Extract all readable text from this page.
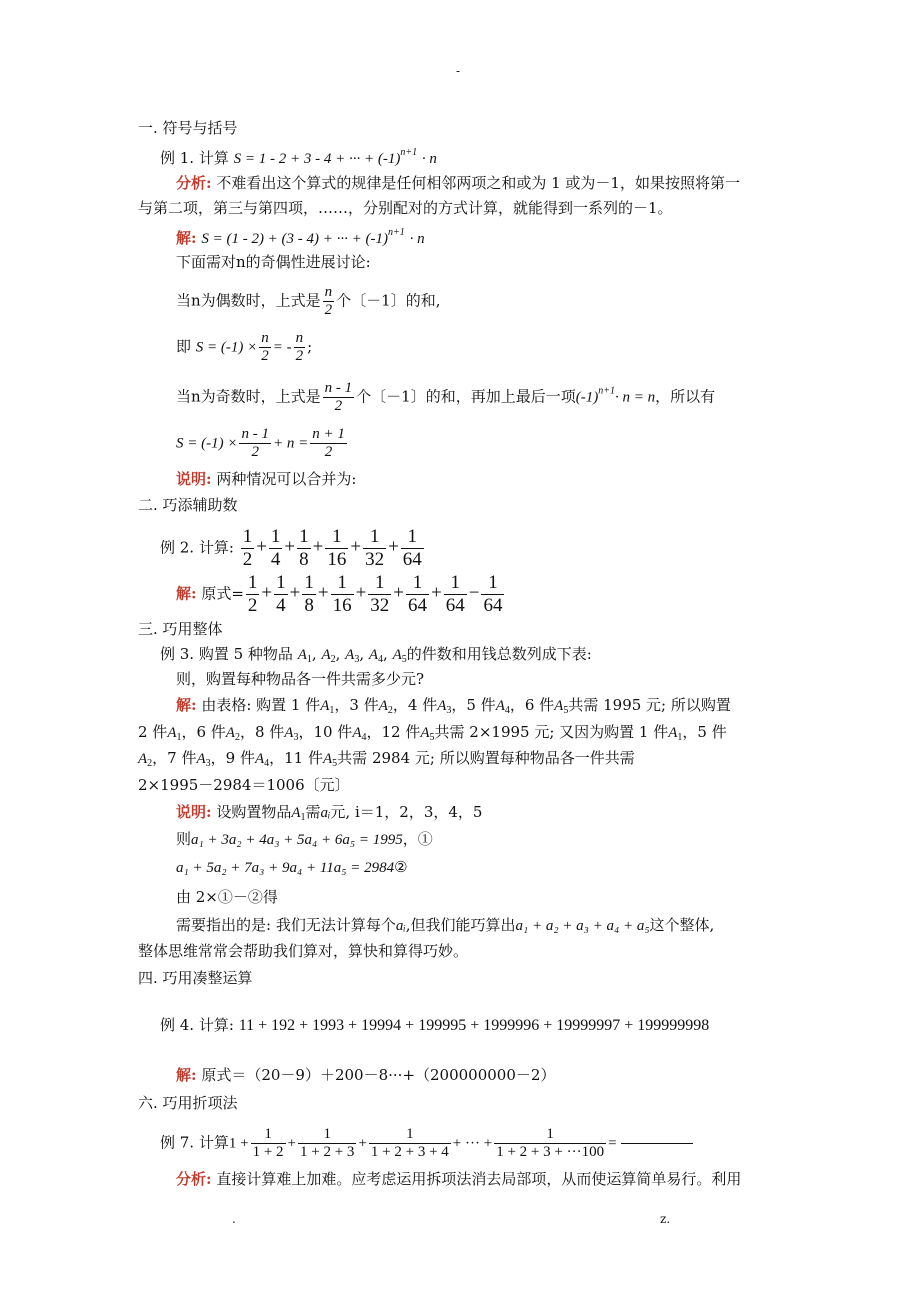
-
一. 符号与括号
例 1. 计算 S = 1 - 2 + 3 - 4 + ··· + $(-1)^{n+1} \cdot n$
分析: 不难看出这个算式的规律是任何相邻两项之和或为 1 或为－1，如果按照将第一
与第二项，第三与第四项，……，分别配对的方式计算，就能得到一系列的－1。
解: S = (1 - 2) + (3 - 4) + ··· + $(-1)^{n+1} \cdot n$
下面需对n的奇偶性进展讨论:
当n为偶数时，上式是 $\frac{n}{2}$ 个〔－1〕的和,
即 $S = (-1) \times \frac{n}{2}$ = - $\frac{n}{2}$ ;
当n为奇数时，上式是 $\frac{n - 1}{2}$ 个〔－1〕的和，再加上最后一项$(-1)^{n+1}\cdot n = n$，所以有
$S = (-1) \times \frac{n - 1}{2} + n = \frac{n + 1}{2}$
说明: 两种情况可以合并为:
二. 巧添辅助数
例 2. 计算: $\frac{1}{2} + \frac{1}{4} + \frac{1}{8} + \frac{1}{16} + \frac{1}{32} + \frac{1}{64}$
解: 原式= $\frac{1}{2} + \frac{1}{4} + \frac{1}{8} + \frac{1}{16} + \frac{1}{32} + \frac{1}{64} + \frac{1}{64} - \frac{1}{64}$
三. 巧用整体
例 3. 购置 5 种物品 $A_1$, $A_2$, $A_3$, $A_4$, $A_5$的件数和用钱总数列成下表:
则，购置每种物品各一件共需多少元?
解: 由表格: 购置 1 件$A_1$，3 件$A_2$，4 件$A_3$，5 件$A_4$，6 件$A_5$共需 1995 元; 所以购置
2 件$A_1$，6 件$A_2$，8 件$A_3$，10 件$A_4$，12 件$A_5$共需 2×1995 元; 又因为购置 1 件$A_1$，5 件
$A_2$，7 件$A_3$，9 件$A_4$，11 件$A_5$共需 2984 元; 所以购置每种物品各一件共需
2×1995－2984＝1006〔元〕
说明: 设购置物品$A_1$需aᵢ元, i＝1，2，3，4，5
则a₁ + 3a₂ + 4a₃ + 5a₄ + 6a₅ = 1995，①
a₁ + 5a₂ + 7a₃ + 9a₄ + 11a₅ = 2984②
由 2×①－②得
需要指出的是: 我们无法计算每个aᵢ,但我们能巧算出a₁ + a₂ + a₃ + a₄ + a₅这个整体,
整体思维常常会帮助我们算对，算快和算得巧妙。
四. 巧用凑整运算
例 4. 计算: 11 + 192 + 1993 + 19994 + 199995 + 1999996 + 19999997 + 199999998
解: 原式＝（20－9）＋200－8···+（200000000－2）
六. 巧用折项法
例 7. 计算$1 + \frac{1}{1 + 2} + \frac{1}{1 + 2 + 3} + \frac{1}{1 + 2 + 3 + 4}$ + ··· + $\frac{1}{1 + 2 + 3 + \cdot\cdot\cdot 100}$ =
分析: 直接计算难上加难。应考虑运用拆项法消去局部项，从而使运算简单易行。利用
.	z.
